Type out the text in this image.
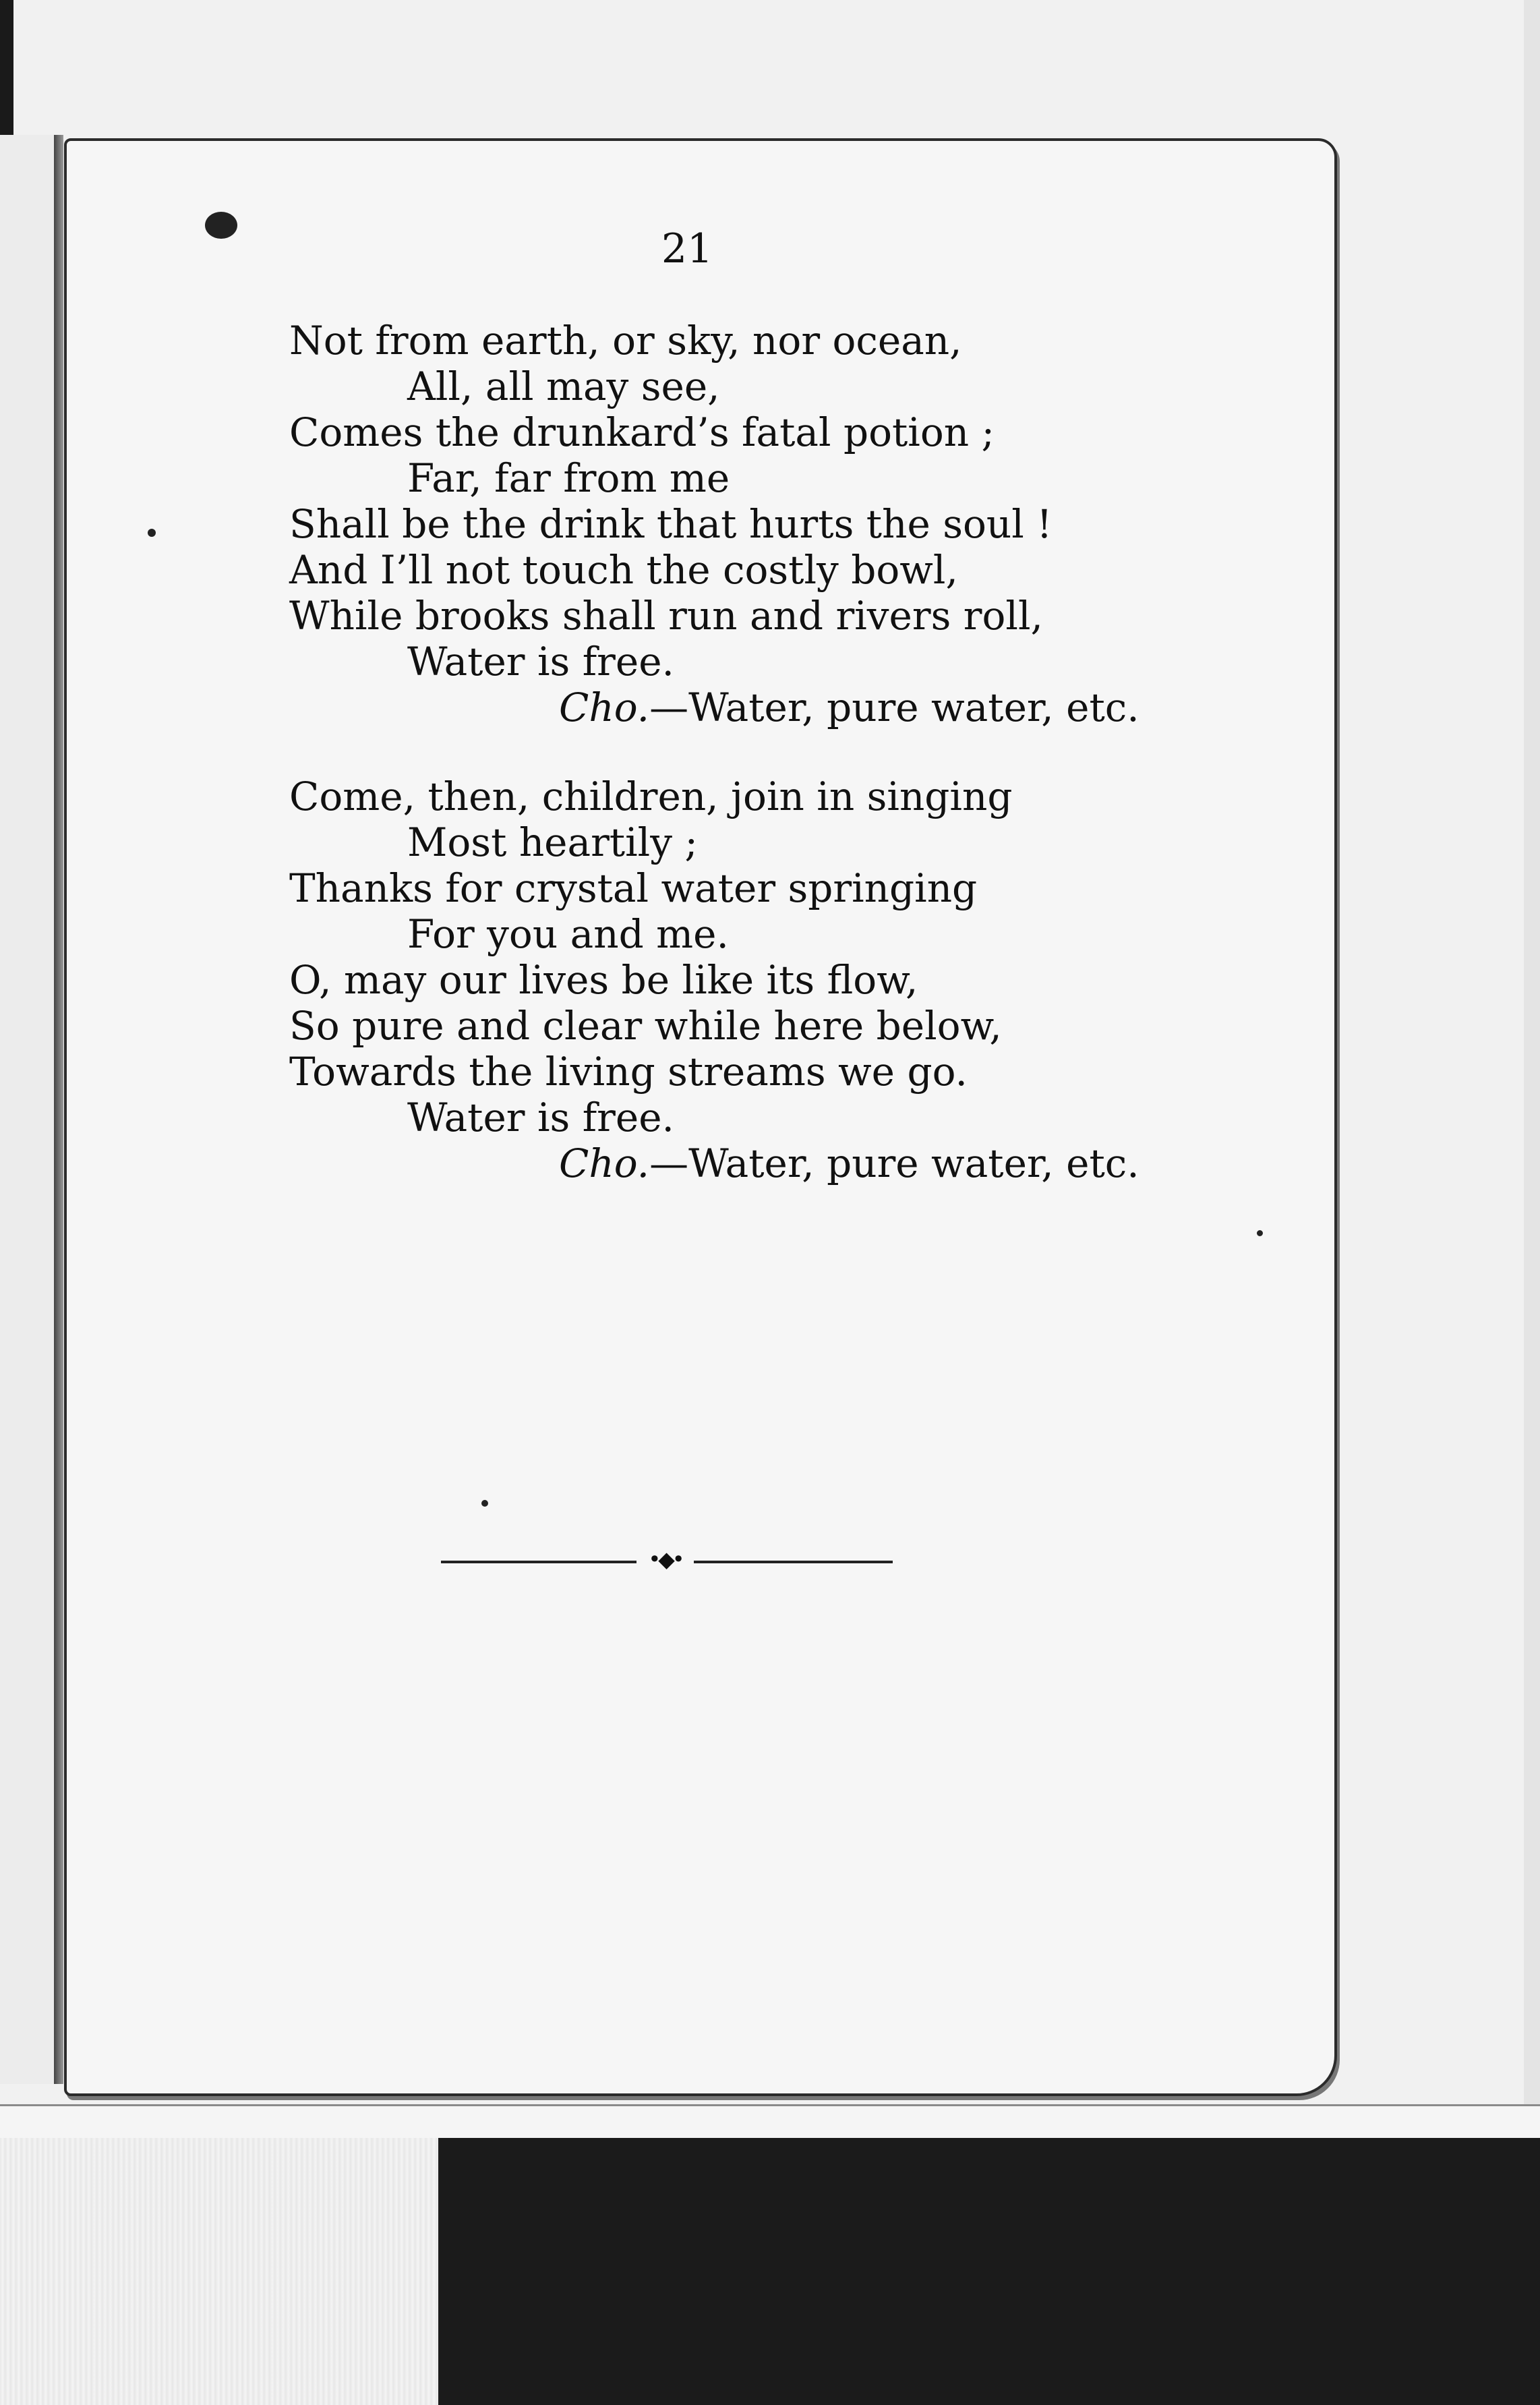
21
Not from earth, or sky, nor ocean,
All, all may see,
Comes the drunkard’s fatal potion ;
Far, far from me
Shall be the drink that hurts the soul !
And I’ll not touch the costly bowl,
While brooks shall run and rivers roll,
Water is free.
Cho.—Water, pure water, etc.
Come, then, children, join in singing
Most heartily ;
Thanks for crystal water springing
For you and me.
O, may our lives be like its flow,
So pure and clear while here below,
Towards the living streams we go.
Water is free.
Cho.—Water, pure water, etc.
•◆•
